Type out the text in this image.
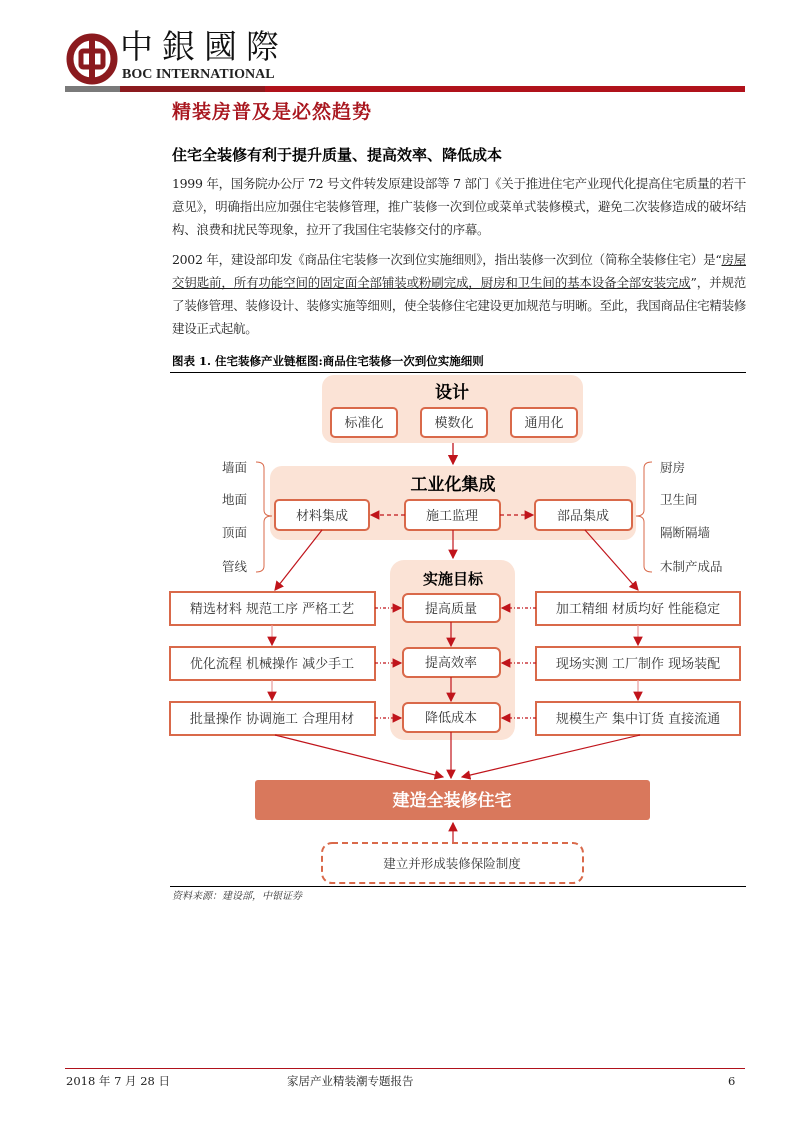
中銀國際
BOC INTERNATIONAL
精装房普及是必然趋势
住宅全装修有利于提升质量、提高效率、降低成本

1999 年，国务院办公厅 72 号文件转发原建设部等 7 部门《关于推进住宅产业现代化提高住宅质量的若干意见》，明确指出应加强住宅装修管理，推广装修一次到位或菜单式装修模式，避免二次装修造成的破坏结构、浪费和扰民等现象，拉开了我国住宅装修交付的序幕。

2002 年，建设部印发《商品住宅装修一次到位实施细则》，指出装修一次到位（简称全装修住宅）是“房屋交钥匙前，所有功能空间的固定面全部铺装或粉刷完成，厨房和卫生间的基本设备全部安装完成”，并规范了装修管理、装修设计、装修实施等细则，使全装修住宅建设更加规范与明晰。至此，我国商品住宅精装修建设正式起航。

图表 1. 住宅装修产业链框图:商品住宅装修一次到位实施细则
设计
标准化	模数化	通用化
工业化集成
实施目标
材料集成	施工监理	部品集成
提高质量
提高效率
降低成本
精选材料 规范工序 严格工艺
优化流程 机械操作 减少手工
批量操作 协调施工 合理用材
加工精细 材质均好 性能稳定
现场实测 工厂制作 现场装配
规模生产 集中订货 直接流通
墙面
地面
顶面
管线
厨房
卫生间
隔断隔墙
木制产成品
建造全装修住宅
建立并形成装修保险制度
资料来源：建设部，中银证券
2018 年 7 月 28 日	家居产业精装潮专题报告	6
